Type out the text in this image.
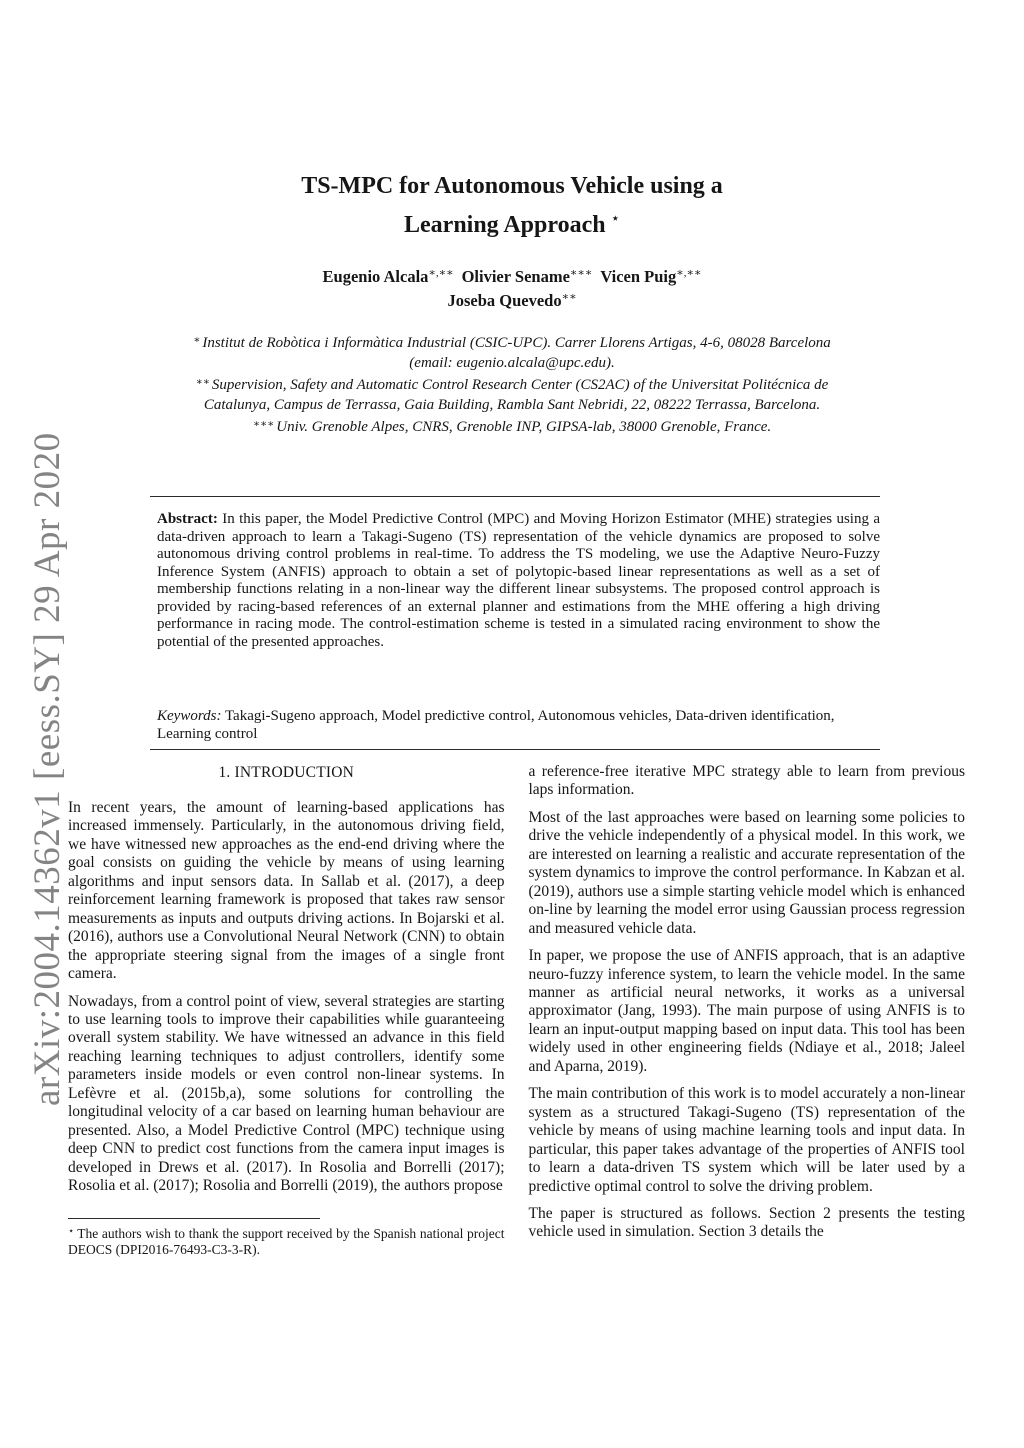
arXiv:2004.14362v1 [eess.SY] 29 Apr 2020
TS-MPC for Autonomous Vehicle using a
Learning Approach ⋆
Eugenio Alcala∗,∗∗ Olivier Sename∗∗∗ Vicen Puig∗,∗∗
Joseba Quevedo∗∗
∗ Institut de Robòtica i Informàtica Industrial (CSIC-UPC). Carrer Llorens Artigas, 4-6, 08028 Barcelona (email: eugenio.alcala@upc.edu).
∗∗ Supervision, Safety and Automatic Control Research Center (CS2AC) of the Universitat Politécnica de Catalunya, Campus de Terrassa, Gaia Building, Rambla Sant Nebridi, 22, 08222 Terrassa, Barcelona.
∗∗∗ Univ. Grenoble Alpes, CNRS, Grenoble INP, GIPSA-lab, 38000 Grenoble, France.
Abstract: In this paper, the Model Predictive Control (MPC) and Moving Horizon Estimator (MHE) strategies using a data-driven approach to learn a Takagi-Sugeno (TS) representation of the vehicle dynamics are proposed to solve autonomous driving control problems in real-time. To address the TS modeling, we use the Adaptive Neuro-Fuzzy Inference System (ANFIS) approach to obtain a set of polytopic-based linear representations as well as a set of membership functions relating in a non-linear way the different linear subsystems. The proposed control approach is provided by racing-based references of an external planner and estimations from the MHE offering a high driving performance in racing mode. The control-estimation scheme is tested in a simulated racing environment to show the potential of the presented approaches.
Keywords: Takagi-Sugeno approach, Model predictive control, Autonomous vehicles, Data-driven identification, Learning control
1. INTRODUCTION

In recent years, the amount of learning-based applications has increased immensely. Particularly, in the autonomous driving field, we have witnessed new approaches as the end-end driving where the goal consists on guiding the vehicle by means of using learning algorithms and input sensors data. In Sallab et al. (2017), a deep reinforcement learning framework is proposed that takes raw sensor measurements as inputs and outputs driving actions. In Bojarski et al. (2016), authors use a Convolutional Neural Network (CNN) to obtain the appropriate steering signal from the images of a single front camera.

Nowadays, from a control point of view, several strategies are starting to use learning tools to improve their capabilities while guaranteeing overall system stability. We have witnessed an advance in this field reaching learning techniques to adjust controllers, identify some parameters inside models or even control non-linear systems. In Lefèvre et al. (2015b,a), some solutions for controlling the longitudinal velocity of a car based on learning human behaviour are presented. Also, a Model Predictive Control (MPC) technique using deep CNN to predict cost functions from the camera input images is developed in Drews et al. (2017). In Rosolia and Borrelli (2017); Rosolia et al. (2017); Rosolia and Borrelli (2019), the authors propose

⋆ The authors wish to thank the support received by the Spanish national project DEOCS (DPI2016-76493-C3-3-R).

a reference-free iterative MPC strategy able to learn from previous laps information.

Most of the last approaches were based on learning some policies to drive the vehicle independently of a physical model. In this work, we are interested on learning a realistic and accurate representation of the system dynamics to improve the control performance. In Kabzan et al. (2019), authors use a simple starting vehicle model which is enhanced on-line by learning the model error using Gaussian process regression and measured vehicle data.

In paper, we propose the use of ANFIS approach, that is an adaptive neuro-fuzzy inference system, to learn the vehicle model. In the same manner as artificial neural networks, it works as a universal approximator (Jang, 1993). The main purpose of using ANFIS is to learn an input-output mapping based on input data. This tool has been widely used in other engineering fields (Ndiaye et al., 2018; Jaleel and Aparna, 2019).

The main contribution of this work is to model accurately a non-linear system as a structured Takagi-Sugeno (TS) representation of the vehicle by means of using machine learning tools and input data. In particular, this paper takes advantage of the properties of ANFIS tool to learn a data-driven TS system which will be later used by a predictive optimal control to solve the driving problem.

The paper is structured as follows. Section 2 presents the testing vehicle used in simulation. Section 3 details the
